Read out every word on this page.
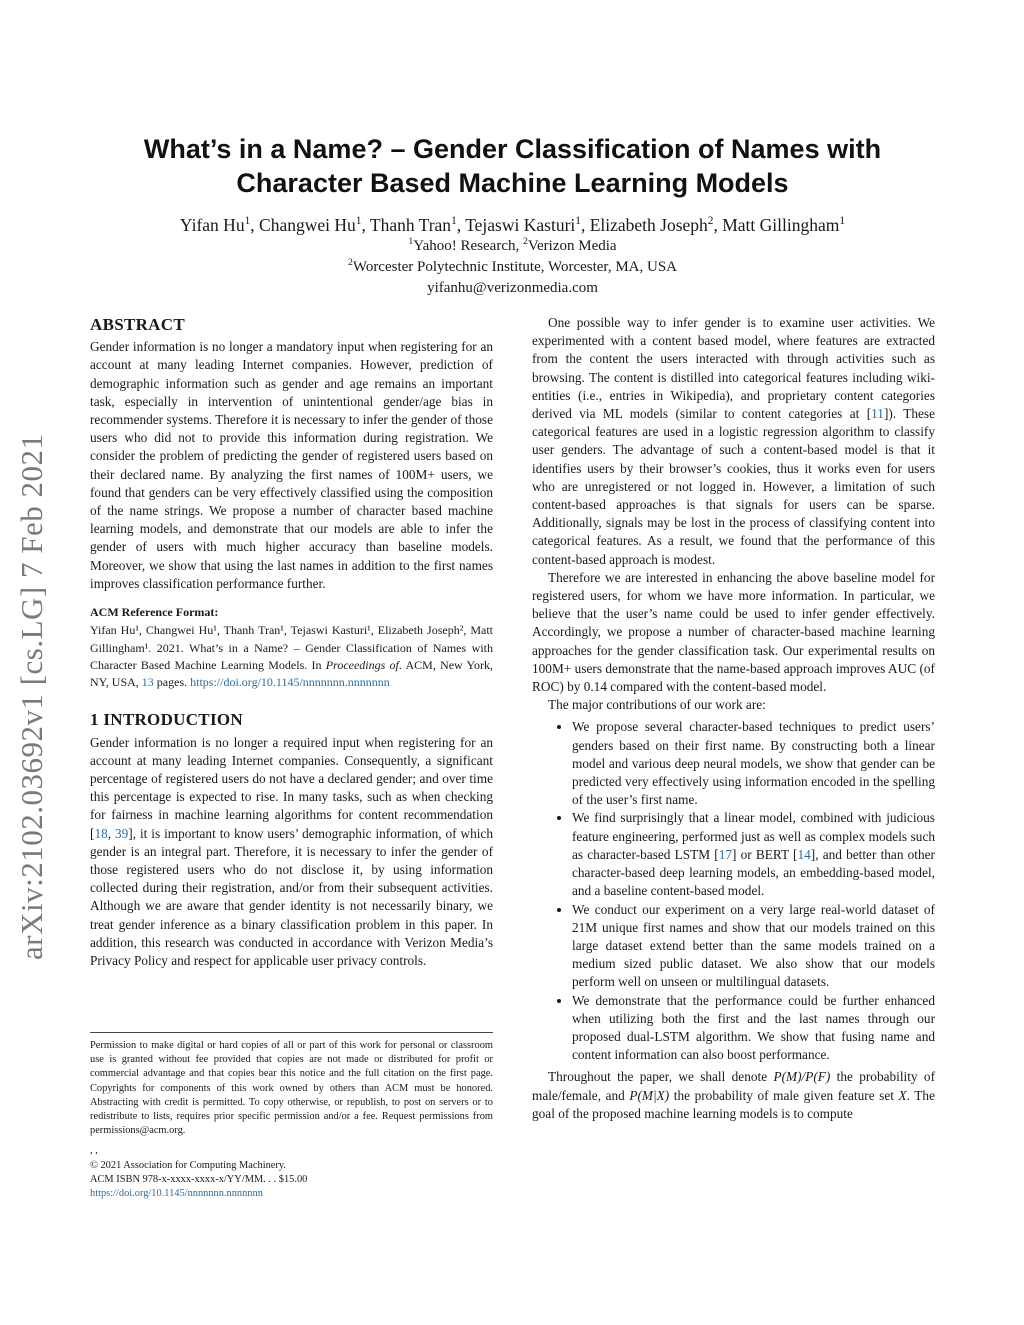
arXiv:2102.03692v1 [cs.LG] 7 Feb 2021
What’s in a Name? – Gender Classification of Names with
Character Based Machine Learning Models
Yifan Hu$^1$, Changwei Hu$^1$, Thanh Tran$^1$, Tejaswi Kasturi$^1$, Elizabeth Joseph$^2$, Matt Gillingham$^1$
$^1$Yahoo! Research, $^2$Verizon Media
$^2$Worcester Polytechnic Institute, Worcester, MA, USA
yifanhu@verizonmedia.com
ABSTRACT

Gender information is no longer a mandatory input when registering for an account at many leading Internet companies. However, prediction of demographic information such as gender and age remains an important task, especially in intervention of unintentional gender/age bias in recommender systems. Therefore it is necessary to infer the gender of those users who did not to provide this information during registration. We consider the problem of predicting the gender of registered users based on their declared name. By analyzing the first names of 100M+ users, we found that genders can be very effectively classified using the composition of the name strings. We propose a number of character based machine learning models, and demonstrate that our models are able to infer the gender of users with much higher accuracy than baseline models. Moreover, we show that using the last names in addition to the first names improves classification performance further.

ACM Reference Format:

Yifan Hu¹, Changwei Hu¹, Thanh Tran¹, Tejaswi Kasturi¹, Elizabeth Joseph², Matt Gillingham¹. 2021. What’s in a Name? – Gender Classification of Names with Character Based Machine Learning Models. In Proceedings of. ACM, New York, NY, USA, 13 pages. https://doi.org/10.1145/nnnnnnn.nnnnnnn

1 INTRODUCTION

Gender information is no longer a required input when registering for an account at many leading Internet companies. Consequently, a significant percentage of registered users do not have a declared gender; and over time this percentage is expected to rise. In many tasks, such as when checking for fairness in machine learning algorithms for content recommendation [18, 39], it is important to know users’ demographic information, of which gender is an integral part. Therefore, it is necessary to infer the gender of those registered users who do not disclose it, by using information collected during their registration, and/or from their subsequent activities. Although we are aware that gender identity is not necessarily binary, we treat gender inference as a binary classification problem in this paper. In addition, this research was conducted in accordance with Verizon Media’s Privacy Policy and respect for applicable user privacy controls.

Permission to make digital or hard copies of all or part of this work for personal or classroom use is granted without fee provided that copies are not made or distributed for profit or commercial advantage and that copies bear this notice and the full citation on the first page. Copyrights for components of this work owned by others than ACM must be honored. Abstracting with credit is permitted. To copy otherwise, or republish, to post on servers or to redistribute to lists, requires prior specific permission and/or a fee. Request permissions from permissions@acm.org.

, ,

© 2021 Association for Computing Machinery.

ACM ISBN 978-x-xxxx-xxxx-x/YY/MM. . . $15.00

https://doi.org/10.1145/nnnnnnn.nnnnnnn

One possible way to infer gender is to examine user activities. We experimented with a content based model, where features are extracted from the content the users interacted with through activities such as browsing. The content is distilled into categorical features including wiki-entities (i.e., entries in Wikipedia), and proprietary content categories derived via ML models (similar to content categories at [11]). These categorical features are used in a logistic regression algorithm to classify user genders. The advantage of such a content-based model is that it identifies users by their browser’s cookies, thus it works even for users who are unregistered or not logged in. However, a limitation of such content-based approaches is that signals for users can be sparse. Additionally, signals may be lost in the process of classifying content into categorical features. As a result, we found that the performance of this content-based approach is modest.

Therefore we are interested in enhancing the above baseline model for registered users, for whom we have more information. In particular, we believe that the user’s name could be used to infer gender effectively. Accordingly, we propose a number of character-based machine learning approaches for the gender classification task. Our experimental results on 100M+ users demonstrate that the name-based approach improves AUC (of ROC) by 0.14 compared with the content-based model.

The major contributions of our work are:

• We propose several character-based techniques to predict users’ genders based on their first name. By constructing both a linear model and various deep neural models, we show that gender can be predicted very effectively using information encoded in the spelling of the user’s first name.
• We find surprisingly that a linear model, combined with judicious feature engineering, performed just as well as complex models such as character-based LSTM [17] or BERT [14], and better than other character-based deep learning models, an embedding-based model, and a baseline content-based model.
• We conduct our experiment on a very large real-world dataset of 21M unique first names and show that our models trained on this large dataset extend better than the same models trained on a medium sized public dataset. We also show that our models perform well on unseen or multilingual datasets.
• We demonstrate that the performance could be further enhanced when utilizing both the first and the last names through our proposed dual-LSTM algorithm. We show that fusing name and content information can also boost performance.

Throughout the paper, we shall denote P(M)/P(F) the probability of male/female, and P(M|X) the probability of male given feature set X. The goal of the proposed machine learning models is to compute
